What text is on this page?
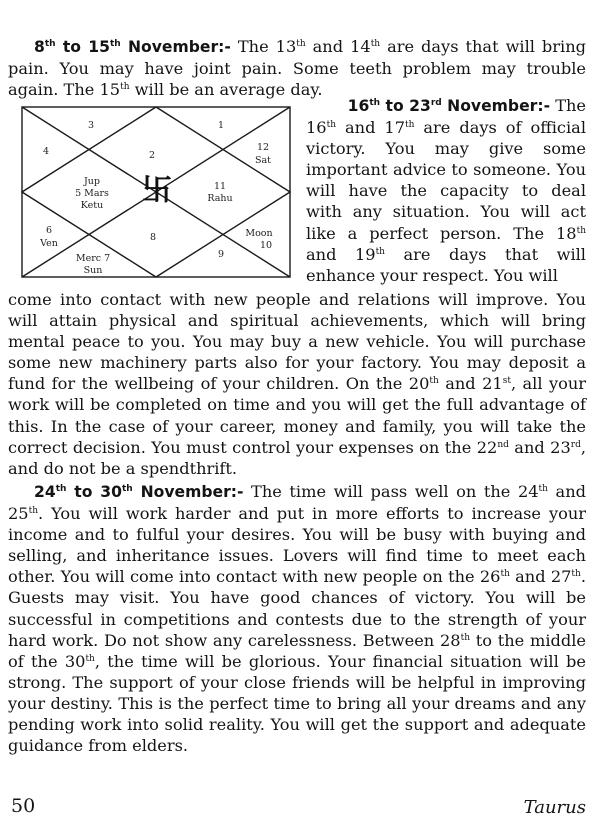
8th to 15th November:- The 13th and 14th are days that will bring pain. You may have joint pain. Some teeth problem may trouble again. The 15th will be an average day.
3	1
4	2
12
Sat
Jup
5 Mars
Ketu 卐	11
Rahu
6
Ven
8	Moon
10
9
Merc 7
Sun
16th to 23rd November:- The
16th and 17th are days of official victory. You may give some important advice to someone. You will have the capacity to deal with any situation. You will act like a perfect person. The 18th and 19th are days that will enhance your respect. You will
come into contact with new people and relations will improve. You will attain physical and spiritual achievements, which will bring mental peace to you. You may buy a new vehicle. You will purchase some new machinery parts also for your factory. You may deposit a fund for the wellbeing of your children. On the 20th and 21st, all your work will be completed on time and you will get the full advantage of this. In the case of your career, money and family, you will take the correct decision. You must control your expenses on the 22nd and 23rd, and do not be a spendthrift.
24th to 30th November:- The time will pass well on the 24th and 25th. You will work harder and put in more efforts to increase your income and to fulful your desires. You will be busy with buying and selling, and inheritance issues. Lovers will find time to meet each other. You will come into contact with new people on the 26th and 27th. Guests may visit. You have good chances of victory. You will be successful in competitions and contests due to the strength of your hard work. Do not show any carelessness. Between 28th to the middle of the 30th, the time will be glorious. Your financial situation will be strong. The support of your close friends will be helpful in improving your destiny. This is the perfect time to bring all your dreams and any pending work into solid reality. You will get the support and adequate guidance from elders.
50	Taurus
